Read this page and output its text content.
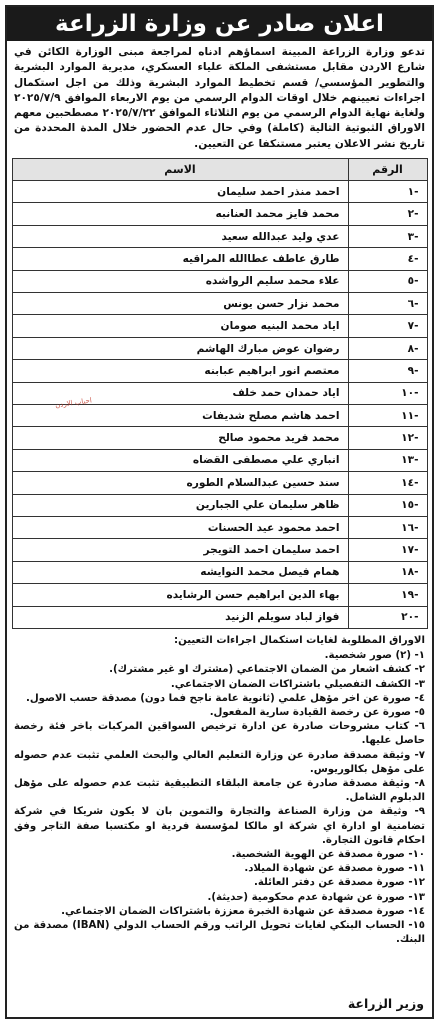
اعلان صادر عن وزارة الزراعة
تدعو وزارة الزراعة المبينة اسماؤهم ادناه لمراجعة مبنى الوزارة الكائن في شارع الاردن مقابل مستشفى الملكة علياء العسكري، مديرية الموارد البشرية والتطوير المؤسسي/ قسم تخطيط الموارد البشرية وذلك من اجل استكمال اجراءات تعيينهم خلال اوقات الدوام الرسمي من يوم الاربعاء الموافق ٢٠٢٥/٧/٩ ولغاية نهاية الدوام الرسمي من يوم الثلاثاء الموافق ٢٠٢٥/٧/٢٢ مصطحبين معهم الاوراق الثبوتية التالية (كاملة) وفي حال عدم الحضور خلال المدة المحددة من تاريخ نشر الاعلان يعتبر مستنكفا عن التعيين.
احباب الاردن
الرقم	الاسم
-١	احمد منذر احمد سليمان
-٢	محمد فايز محمد العنانبه
-٣	عدي وليد عبدالله سعيد
-٤	طارق عاطف عطاالله المراقيه
-٥	علاء محمد سليم الرواشده
-٦	محمد نزار حسن يونس
-٧	اياد محمد البنيه صومان
-٨	رضوان عوض مبارك الهاشم
-٩	معتصم انور ابراهيم عبابنه
-١٠	اياد حمدان حمد خلف
-١١	احمد هاشم مصلح شديفات
-١٢	محمد فريد محمود صالح
-١٣	انباري علي مصطفى القضاه
-١٤	سند حسين عبدالسلام الطوره
-١٥	ظاهر سليمان علي الجبارين
-١٦	احمد محمود عيد الحسنات
-١٧	احمد سليمان احمد التويجر
-١٨	همام فيصل محمد النوايشه
-١٩	بهاء الدين ابراهيم حسن الرشايده
-٢٠	فواز لباد سويلم الزنيد
الاوراق المطلوبة لغايات استكمال اجراءات التعيين:
١- (٢) صور شخصية.
٢- كشف اشعار من الضمان الاجتماعي (مشترك او غير مشترك).
٣- الكشف التفصيلي باشتراكات الضمان الاجتماعي.
٤- صورة عن اخر مؤهل علمي (ثانوية عامة ناجح فما دون) مصدقة حسب الاصول.
٥- صورة عن رخصة القيادة سارية المفعول.
٦- كتاب مشروحات صادرة عن ادارة ترخيص السواقين المركبات باخر فئة رخصة حاصل عليها.
٧- وثيقة مصدقة صادرة عن وزارة التعليم العالي والبحث العلمي تثبت عدم حصوله على مؤهل بكالوريوس.
٨- وثيقة مصدقة صادرة عن جامعة البلقاء التطبيقية تثبت عدم حصوله على مؤهل الدبلوم الشامل.
٩- وثيقة من وزارة الصناعة والتجارة والتموين بان لا يكون شريكا في شركة تضامنية او ادارة اي شركة او مالكا لمؤسسة فردية او مكتسبا صفة التاجر وفق احكام قانون التجارة.
١٠- صورة مصدقة عن الهوية الشخصية.
١١- صورة مصدقة عن شهادة الميلاد.
١٢- صورة مصدقة عن دفتر العائلة.
١٣- صورة عن شهادة عدم محكومية (حديثة).
١٤- صورة مصدقة عن شهادة الخبرة معززة باشتراكات الضمان الاجتماعي.
١٥- الحساب البنكي لغايات تحويل الراتب ورقم الحساب الدولي (IBAN) مصدقة من البنك.
وزير الزراعة
